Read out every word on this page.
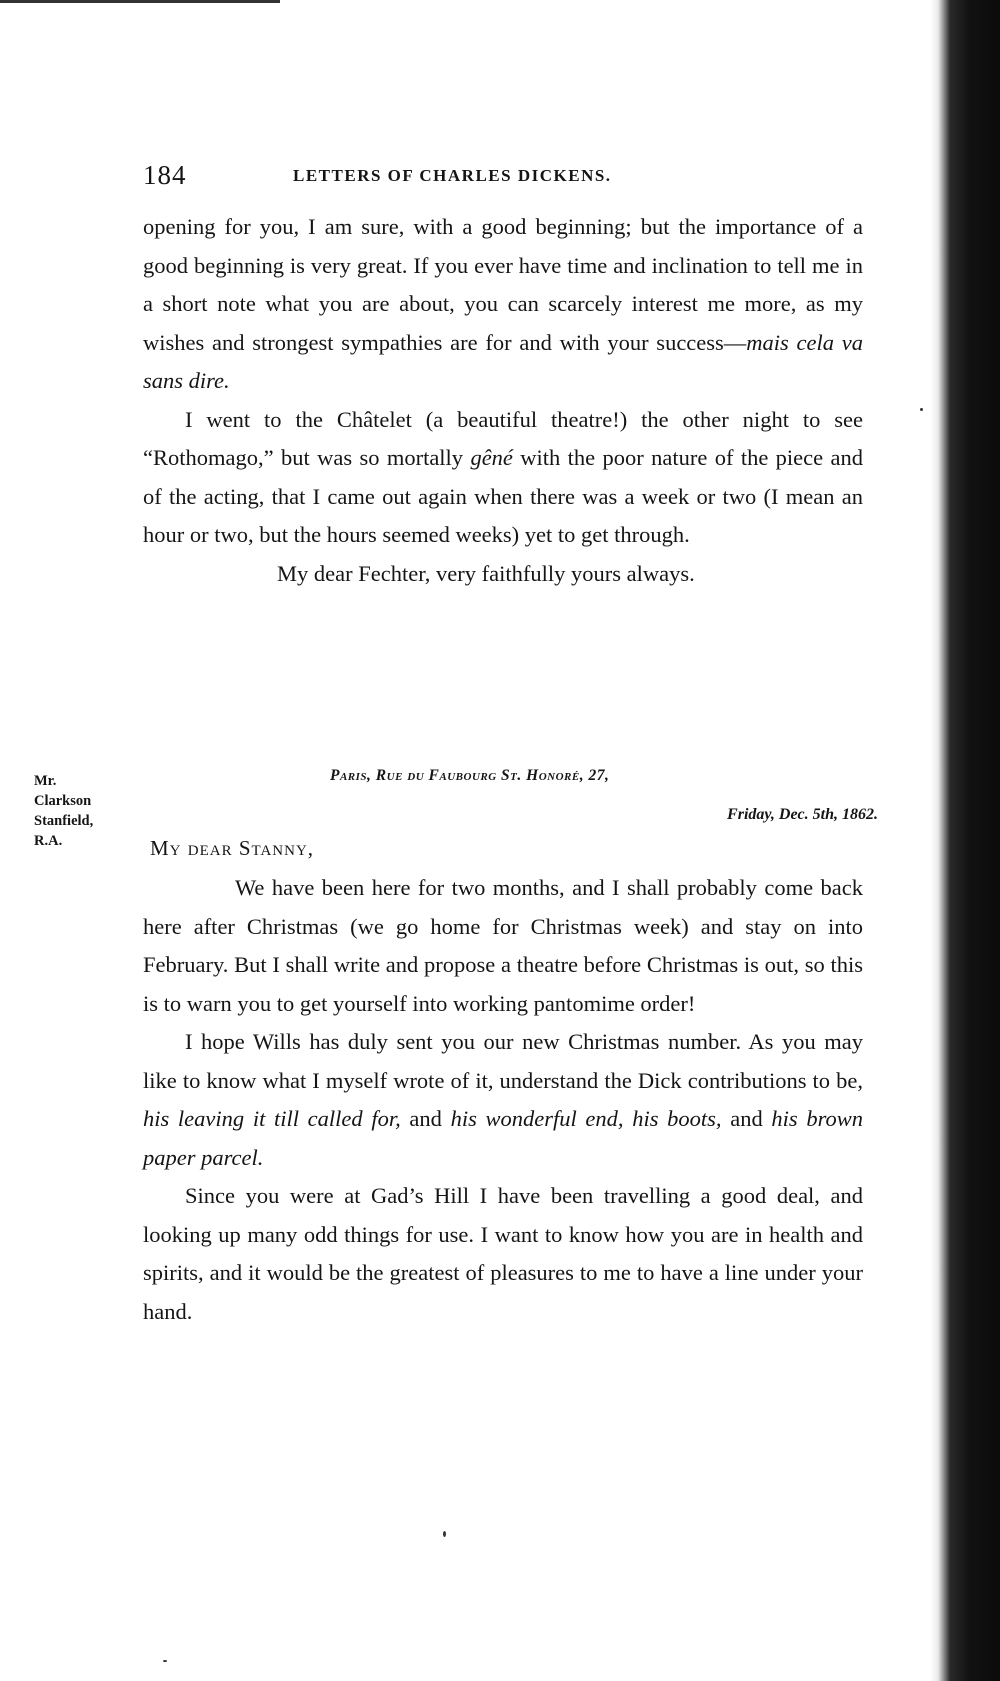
184	LETTERS OF CHARLES DICKENS.

opening for you, I am sure, with a good beginning; but the importance of a good beginning is very great. If you ever have time and inclination to tell me in a short note what you are about, you can scarcely interest me more, as my wishes and strongest sympathies are for and with your success—mais cela va sans dire.

I went to the Châtelet (a beautiful theatre!) the other night to see “Rothomago,” but was so mortally gêné with the poor nature of the piece and of the acting, that I came out again when there was a week or two (I mean an hour or two, but the hours seemed weeks) yet to get through.

My dear Fechter, very faithfully yours always.

Mr.
Clarkson
Stanfield,
R.A.
Paris, Rue du Faubourg St. Honoré, 27,
Friday, Dec. 5th, 1862.
My dear Stanny,

We have been here for two months, and I shall probably come back here after Christmas (we go home for Christmas week) and stay on into February. But I shall write and propose a theatre before Christmas is out, so this is to warn you to get yourself into working pantomime order!

I hope Wills has duly sent you our new Christmas number. As you may like to know what I myself wrote of it, understand the Dick contributions to be, his leaving it till called for, and his wonderful end, his boots, and his brown paper parcel.

Since you were at Gad’s Hill I have been travelling a good deal, and looking up many odd things for use. I want to know how you are in health and spirits, and it would be the greatest of pleasures to me to have a line under your hand.
